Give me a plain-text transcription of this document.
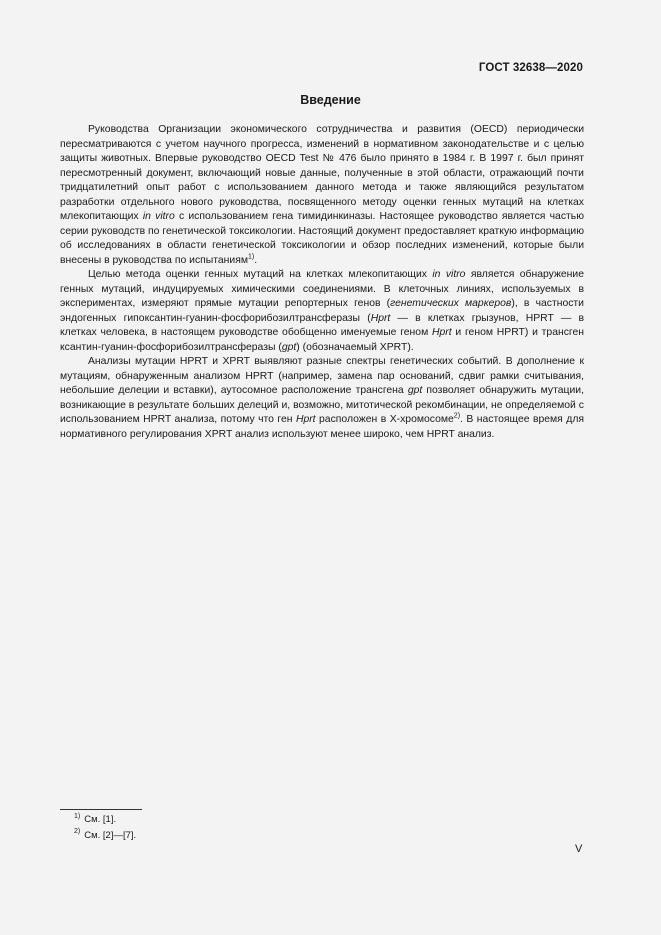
ГОСТ 32638—2020
Введение

Руководства Организации экономического сотрудничества и развития (OECD) периодически пересматриваются с учетом научного прогресса, изменений в нормативном законодательстве и с целью защиты животных. Впервые руководство OECD Test № 476 было принято в 1984 г. В 1997 г. был принят пересмотренный документ, включающий новые данные, полученные в этой области, отражающий почти тридцатилетний опыт работ с использованием данного метода и также являющийся результатом разработки отдельного нового руководства, посвященного методу оценки генных мутаций на клетках млекопитающих in vitro с использованием гена тимидинкиназы. Настоящее руководство является частью серии руководств по генетической токсикологии. Настоящий документ предоставляет краткую информацию об исследованиях в области генетической токсикологии и обзор последних изменений, которые были внесены в руководства по испытаниям$^{1)}$.

Целью метода оценки генных мутаций на клетках млекопитающих in vitro является обнаружение генных мутаций, индуцируемых химическими соединениями. В клеточных линиях, используемых в экспериментах, измеряют прямые мутации репортерных генов (генетических маркеров), в частности эндогенных гипоксантин-гуанин-фосфорибозилтрансферазы (Hprt — в клетках грызунов, HPRT — в клетках человека, в настоящем руководстве обобщенно именуемые геном Hprt и геном HPRT) и трансген ксантин-гуанин-фосфорибозилтрансферазы (gpt) (обозначаемый XPRT).

Анализы мутации HPRT и XPRT выявляют разные спектры генетических событий. В дополнение к мутациям, обнаруженным анализом HPRT (например, замена пар оснований, сдвиг рамки считывания, небольшие делеции и вставки), аутосомное расположение трансгена gpt позволяет обнаружить мутации, возникающие в результате больших делеций и, возможно, митотической рекомбинации, не определяемой с использованием HPRT анализа, потому что ген Hprt расположен в X-хромосоме$^{2)}$. В настоящее время для нормативного регулирования XPRT анализ используют менее широко, чем HPRT анализ.

$^{1)}$ См. [1].
$^{2)}$ См. [2]—[7].
V
